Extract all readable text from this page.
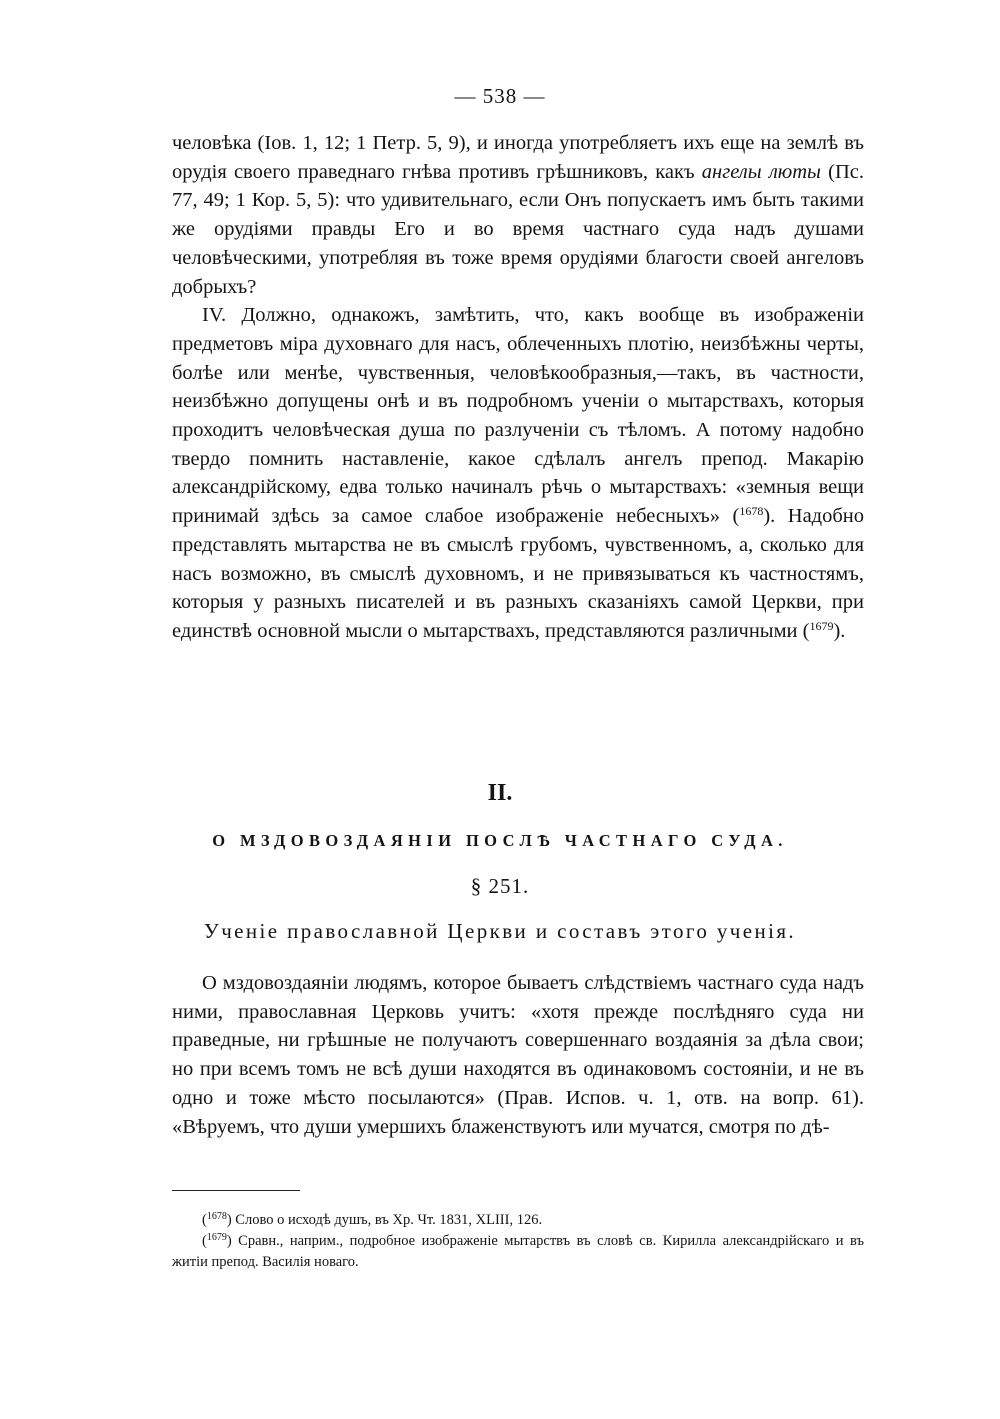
— 538 —

человѣка (Іов. 1, 12; 1 Петр. 5, 9), и иногда употребляетъ ихъ еще на землѣ въ орудія своего праведнаго гнѣва противъ грѣшниковъ, какъ ангелы люты (Пс. 77, 49; 1 Кор. 5, 5): что удивительнаго, если Онъ попускаетъ имъ быть такими же орудіями правды Его и во время частнагo суда надъ душами человѣческими, употребляя въ тоже время орудіями благости своей ангеловъ добрыхъ?

IV. Должно, однакожъ, замѣтить, что, какъ вообще въ изображеніи предметовъ міра духовнаго для насъ, облеченныхъ плотію, неизбѣжны черты, болѣе или менѣе, чувственныя, человѣкообразныя,—такъ, въ частности, неизбѣжно допущены онѣ и въ подробномъ ученіи о мытарствахъ, которыя проходитъ человѣческая душа по разлученіи съ тѣломъ. А потому надобно твердо помнить наставленіе, какое сдѣлалъ ангелъ препод. Макарію александрійскому, едва только начиналъ рѣчь о мытарствахъ: «земныя вещи принимай здѣсь за самое слабое изображеніе небесныхъ» ($^{1678}$). Надобно представлять мытарства не въ смыслѣ грубомъ, чувственномъ, а, сколько для насъ возможно, въ смыслѣ духовномъ, и не привязываться къ частностямъ, которыя у разныхъ писателей и въ разныхъ сказаніяхъ самой Церкви, при единствѣ основной мысли о мытарствахъ, представляются различными ($^{1679}$).

II.
О МЗДОВОЗДАЯНІИ ПОСЛѢ ЧАСТНАГО СУДА.
§ 251.
Ученіе православной Церкви и составъ этого ученія.

О мздовоздаяніи людямъ, которое бываетъ слѣдствіемъ частнагo суда надъ ними, православная Церковь учитъ: «хотя прежде послѣдняго суда ни праведные, ни грѣшные не получаютъ совершеннаго воздаянія за дѣла свои; но при всемъ томъ не всѣ души находятся въ одинаковомъ состояніи, и не въ одно и тоже мѣсто посылаются» (Прав. Испов. ч. 1, отв. на вопр. 61). «Вѣруемъ, что души умершихъ блаженствуютъ или мучатся, смотря по дѣ-

($^{1678}$) Слово о исходѣ душъ, въ Хр. Чт. 1831, XLIII, 126.

($^{1679}$) Сравн., наприм., подробное изображеніе мытарствъ въ словѣ св. Кирилла александрійскаго и въ житіи препод. Василія новаго.
